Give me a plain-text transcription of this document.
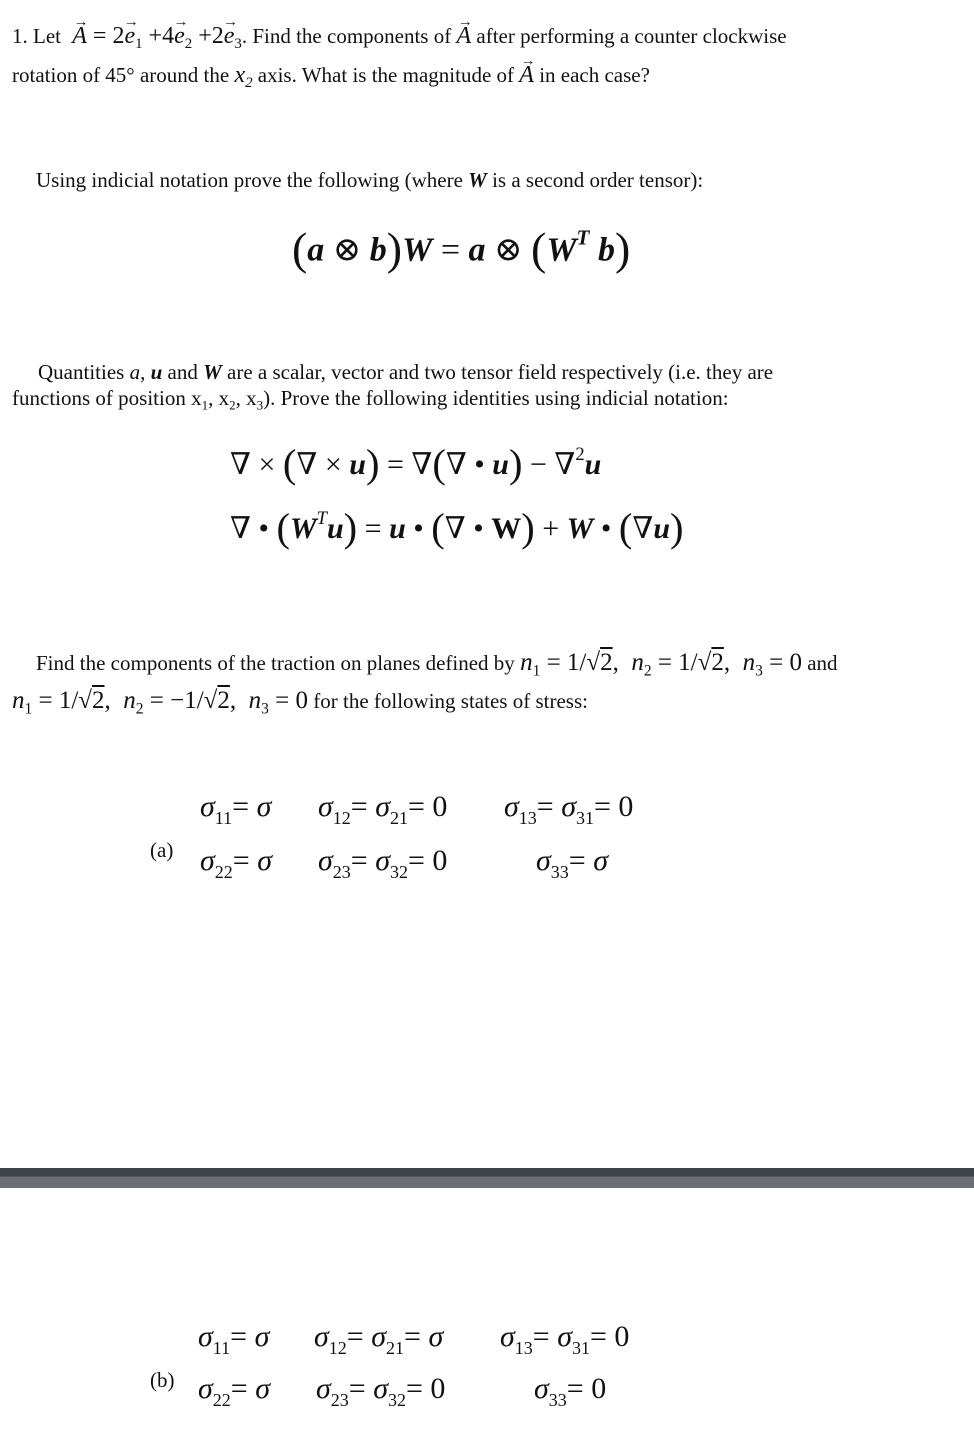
1. Let → $A = 2\to e_1 +4\to e_2 +2\to e_3$. Find the components of → A after performing a counter clockwise
rotation of 45° around the $x_2$ axis. What is the magnitude of → A in each case?
Using indicial notation prove the following (where W is a second order tensor):
(a ⊗ b)W = a ⊗ ($W^T$ b)
Quantities a, u and W are a scalar, vector and two tensor field respectively (i.e. they are
functions of position $x_1$, $x_2$, $x_3$). Prove the following identities using indicial notation:
∇ × (∇ × u) = ∇(∇ • u) − ∇$^2$u
∇ • $(W^Tu) = u$ • (∇ • W) + W • (∇u)
Find the components of the traction on planes defined by $n_1 = 1/√2$,  $n_2 = 1/√2$,  $n_3 = 0$ and
$n_1 = 1/√2$,  $n_2 = -1/√2$,  $n_3 = 0$ for the following states of stress:
(a)
$\sigma_{11}= \sigma$ $\sigma_{12}= \sigma_{21}= 0$ $\sigma_{13}= \sigma_{31}= 0$
$\sigma_{22}= \sigma$ $\sigma_{23}= \sigma_{32}= 0$	$\sigma_{33}= \sigma$
(b)
$\sigma_{11}= \sigma$ $\sigma_{12}= \sigma_{21}= \sigma$ $\sigma_{13}= \sigma_{31}= 0$
$\sigma_{22}= \sigma$ $\sigma_{23}= \sigma_{32}= 0$	$\sigma_{33}= 0$
